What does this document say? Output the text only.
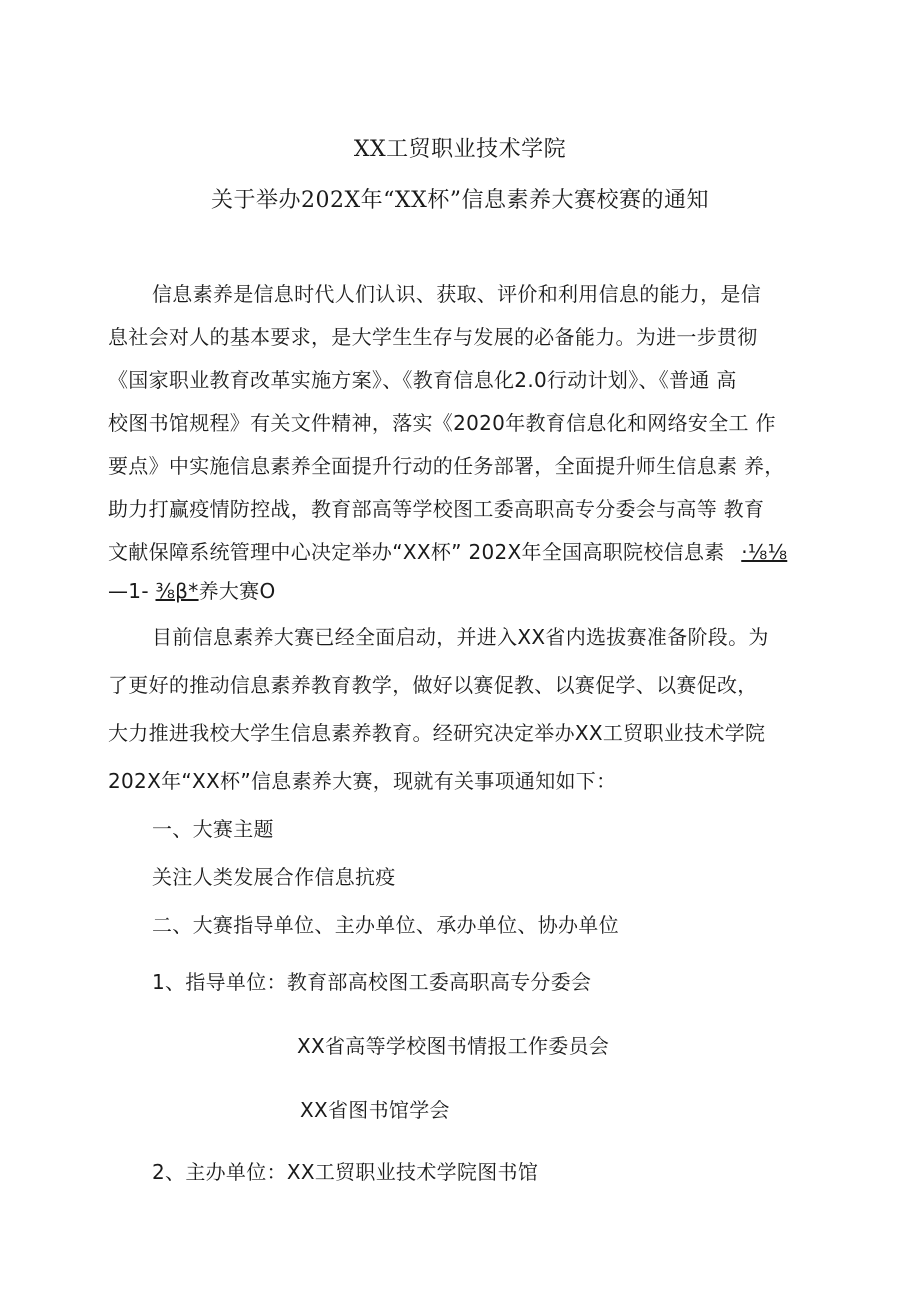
XX工贸职业技术学院
关于举办202X年“XX杯”信息素养大赛校赛的通知
信息素养是信息时代人们认识、获取、评价和利用信息的能力，是信
息社会对人的基本要求，是大学生生存与发展的必备能力。为进一步贯彻
《国家职业教育改革实施方案》、《教育信息化2.0行动计划》、《普通 高
校图书馆规程》有关文件精神，落实《2020年教育信息化和网络安全工 作
要点》中实施信息素养全面提升行动的任务部署，全面提升师生信息素 养，
助力打赢疫情防控战，教育部高等学校图工委高职高专分委会与高等 教育
文献保障系统管理中心决定举办“XX杯” 202X年全国高职院校信息素 ·⅛⅛
—1- ⅜β*养大赛O
目前信息素养大赛已经全面启动，并进入XX省内选拔赛准备阶段。为
了更好的推动信息素养教育教学，做好以赛促教、以赛促学、以赛促改，
大力推进我校大学生信息素养教育。经研究决定举办XX工贸职业技术学院
202X年“XX杯”信息素养大赛，现就有关事项通知如下：
一、大赛主题
关注人类发展合作信息抗疫
二、大赛指导单位、主办单位、承办单位、协办单位
1、指导单位：教育部高校图工委高职高专分委会
XX省高等学校图书情报工作委员会
XX省图书馆学会
2、主办单位：XX工贸职业技术学院图书馆
